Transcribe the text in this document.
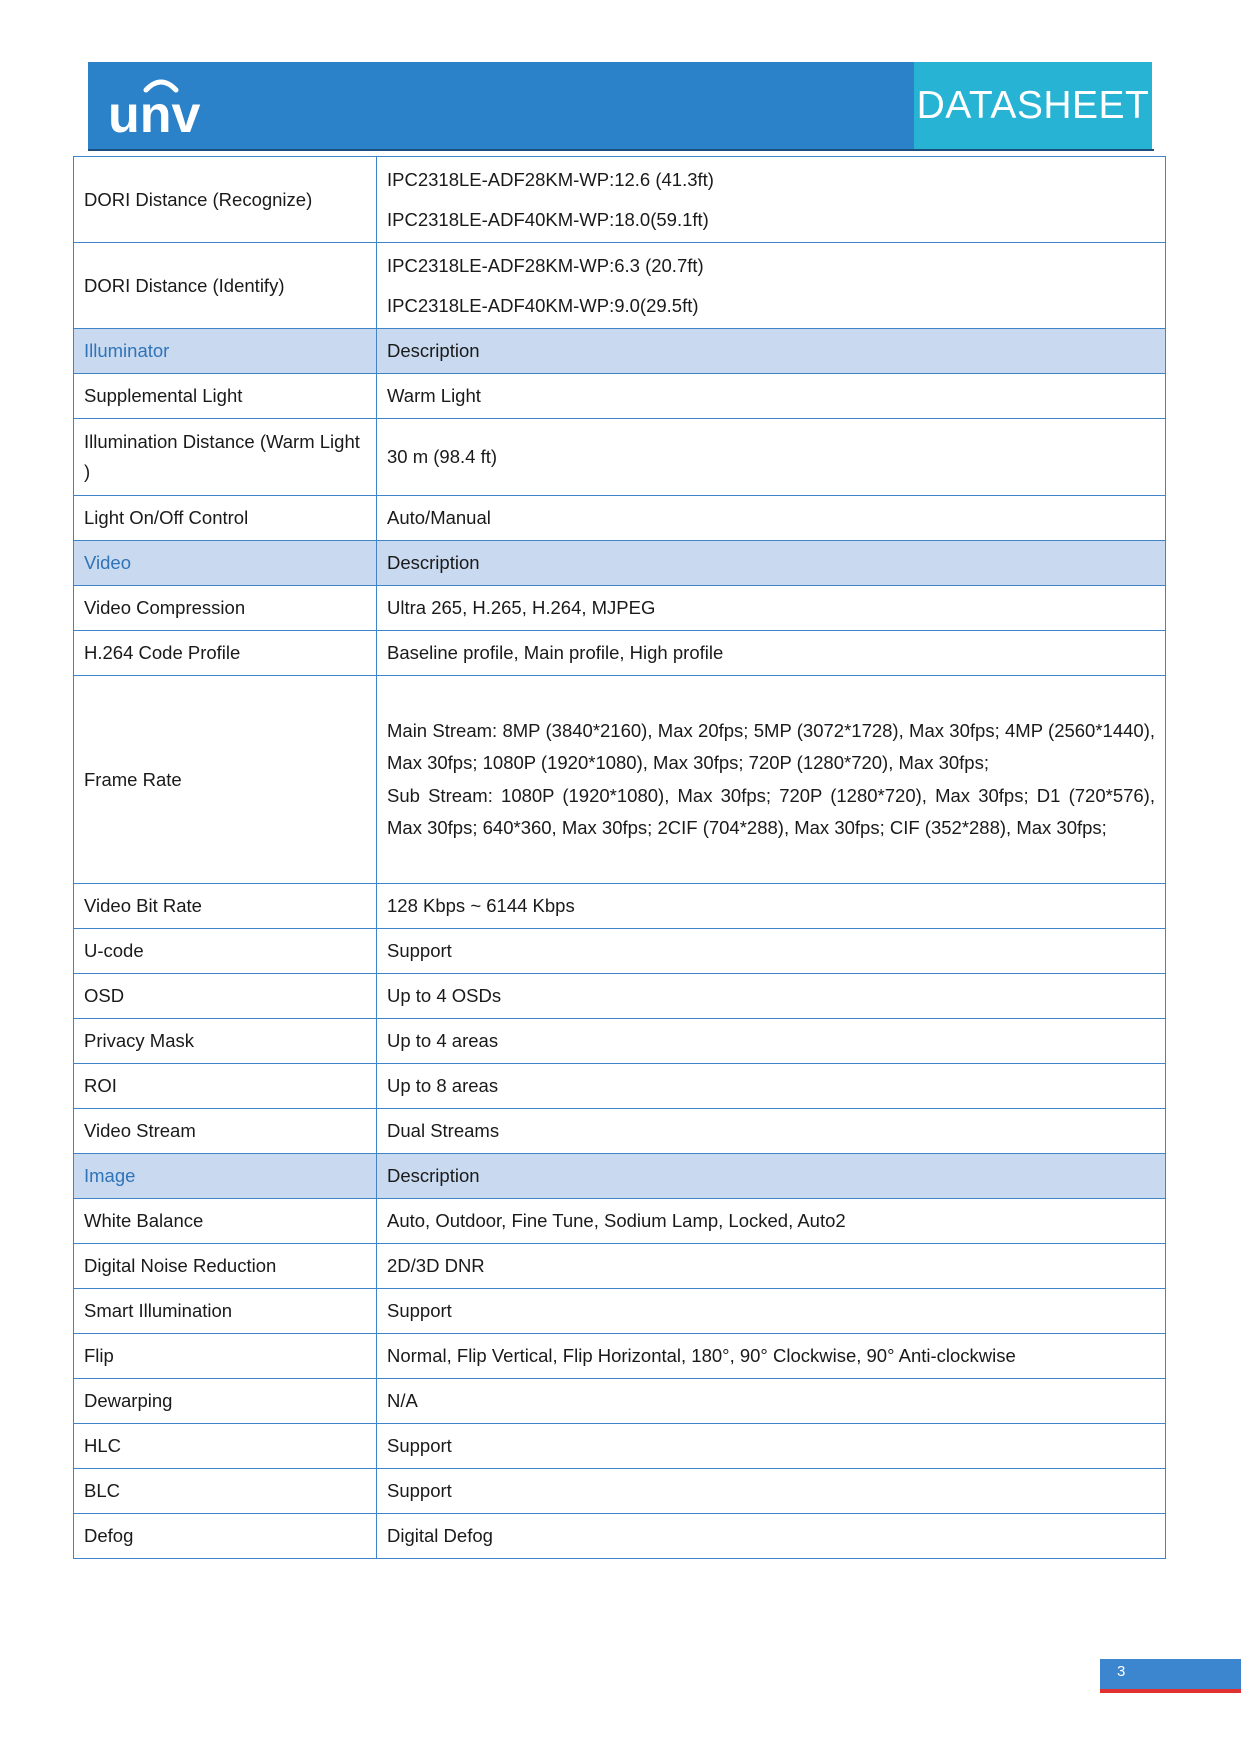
unv	DATASHEET
DORI Distance (Recognize)	IPC2318LE-ADF28KM-WP:12.6 (41.3ft)
IPC2318LE-ADF40KM-WP:18.0(59.1ft)

DORI Distance (Identify)	IPC2318LE-ADF28KM-WP:6.3 (20.7ft)
IPC2318LE-ADF40KM-WP:9.0(29.5ft)

Illuminator	Description
Supplemental Light	Warm Light
Illumination Distance (Warm Light )	30 m (98.4 ft)
Light On/Off Control	Auto/Manual
Video	Description
Video Compression	Ultra 265, H.265, H.264, MJPEG
H.264 Code Profile	Baseline profile, Main profile, High profile
Frame Rate	Main Stream: 8MP (3840*2160), Max 20fps; 5MP (3072*1728), Max 30fps; 4MP (2560*1440), Max 30fps; 1080P (1920*1080), Max 30fps; 720P (1280*720), Max 30fps;
Sub Stream: 1080P (1920*1080), Max 30fps; 720P (1280*720), Max 30fps; D1 (720*576), Max 30fps; 640*360, Max 30fps; 2CIF (704*288), Max 30fps; CIF (352*288), Max 30fps;

Video Bit Rate	128 Kbps ~ 6144 Kbps
U-code	Support
OSD	Up to 4 OSDs
Privacy Mask	Up to 4 areas
ROI	Up to 8 areas
Video Stream	Dual Streams
Image	Description
White Balance	Auto, Outdoor, Fine Tune, Sodium Lamp, Locked, Auto2
Digital Noise Reduction	2D/3D DNR
Smart Illumination	Support
Flip	Normal, Flip Vertical, Flip Horizontal, 180°, 90° Clockwise, 90° Anti-clockwise
Dewarping	N/A
HLC	Support
BLC	Support
Defog	Digital Defog
3
